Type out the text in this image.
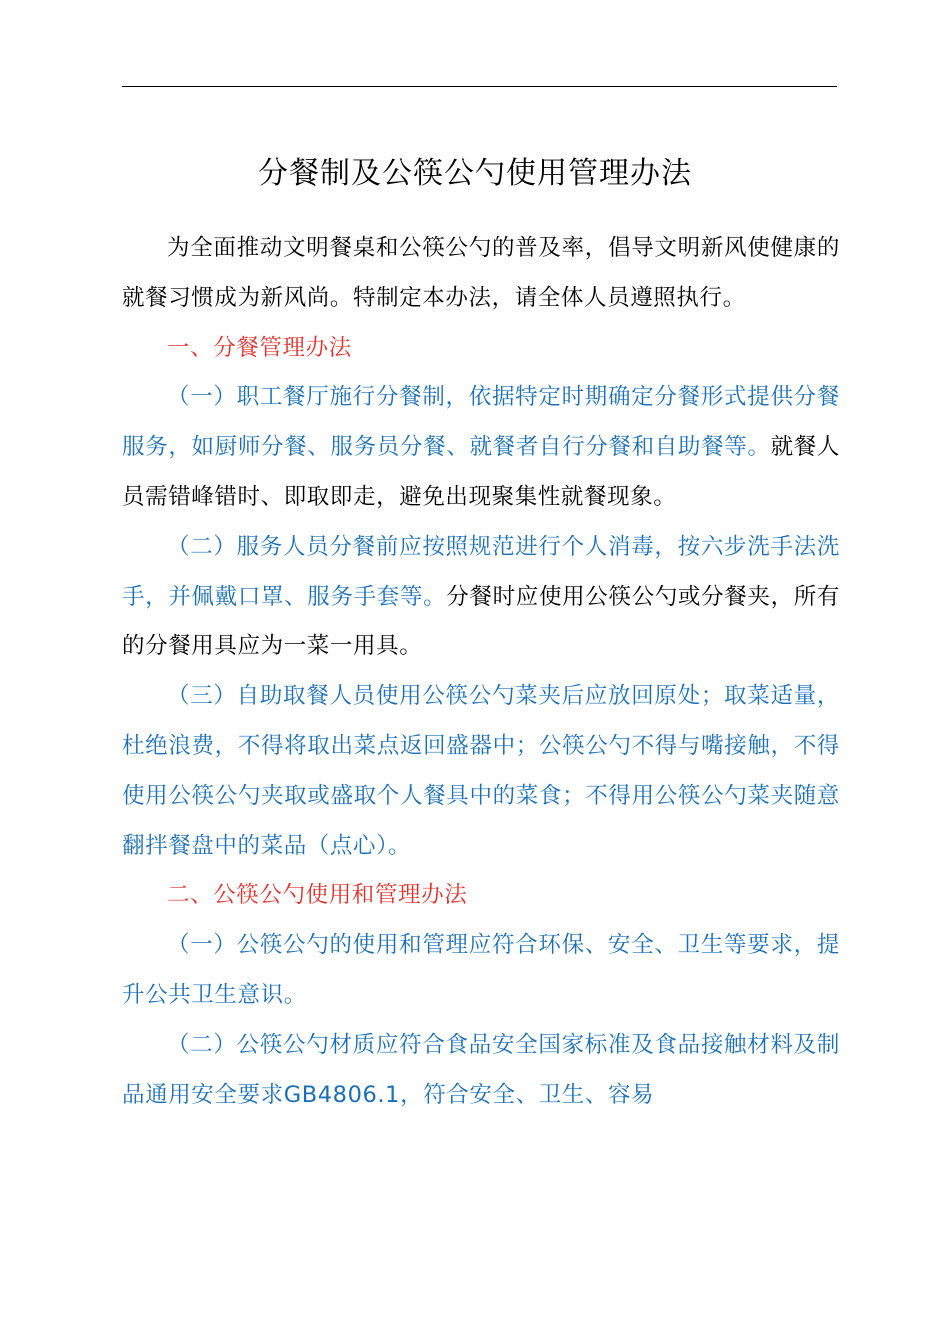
分餐制及公筷公勺使用管理办法

为全面推动文明餐桌和公筷公勺的普及率，倡导文明新风使健康的就餐习惯成为新风尚。特制定本办法，请全体人员遵照执行。

一、分餐管理办法

（一）职工餐厅施行分餐制，依据特定时期确定分餐形式提供分餐服务，如厨师分餐、服务员分餐、就餐者自行分餐和自助餐等。就餐人员需错峰错时、即取即走，避免出现聚集性就餐现象。

（二）服务人员分餐前应按照规范进行个人消毒，按六步洗手法洗手，并佩戴口罩、服务手套等。分餐时应使用公筷公勺或分餐夹，所有的分餐用具应为一菜一用具。

（三）自助取餐人员使用公筷公勺菜夹后应放回原处；取菜适量，杜绝浪费，不得将取出菜点返回盛器中；公筷公勺不得与嘴接触，不得使用公筷公勺夹取或盛取个人餐具中的菜食；不得用公筷公勺菜夹随意翻拌餐盘中的菜品（点心）。

二、公筷公勺使用和管理办法

（一）公筷公勺的使用和管理应符合环保、安全、卫生等要求，提升公共卫生意识。

（二）公筷公勺材质应符合食品安全国家标准及食品接触材料及制品通用安全要求GB4806.1，符合安全、卫生、容易
